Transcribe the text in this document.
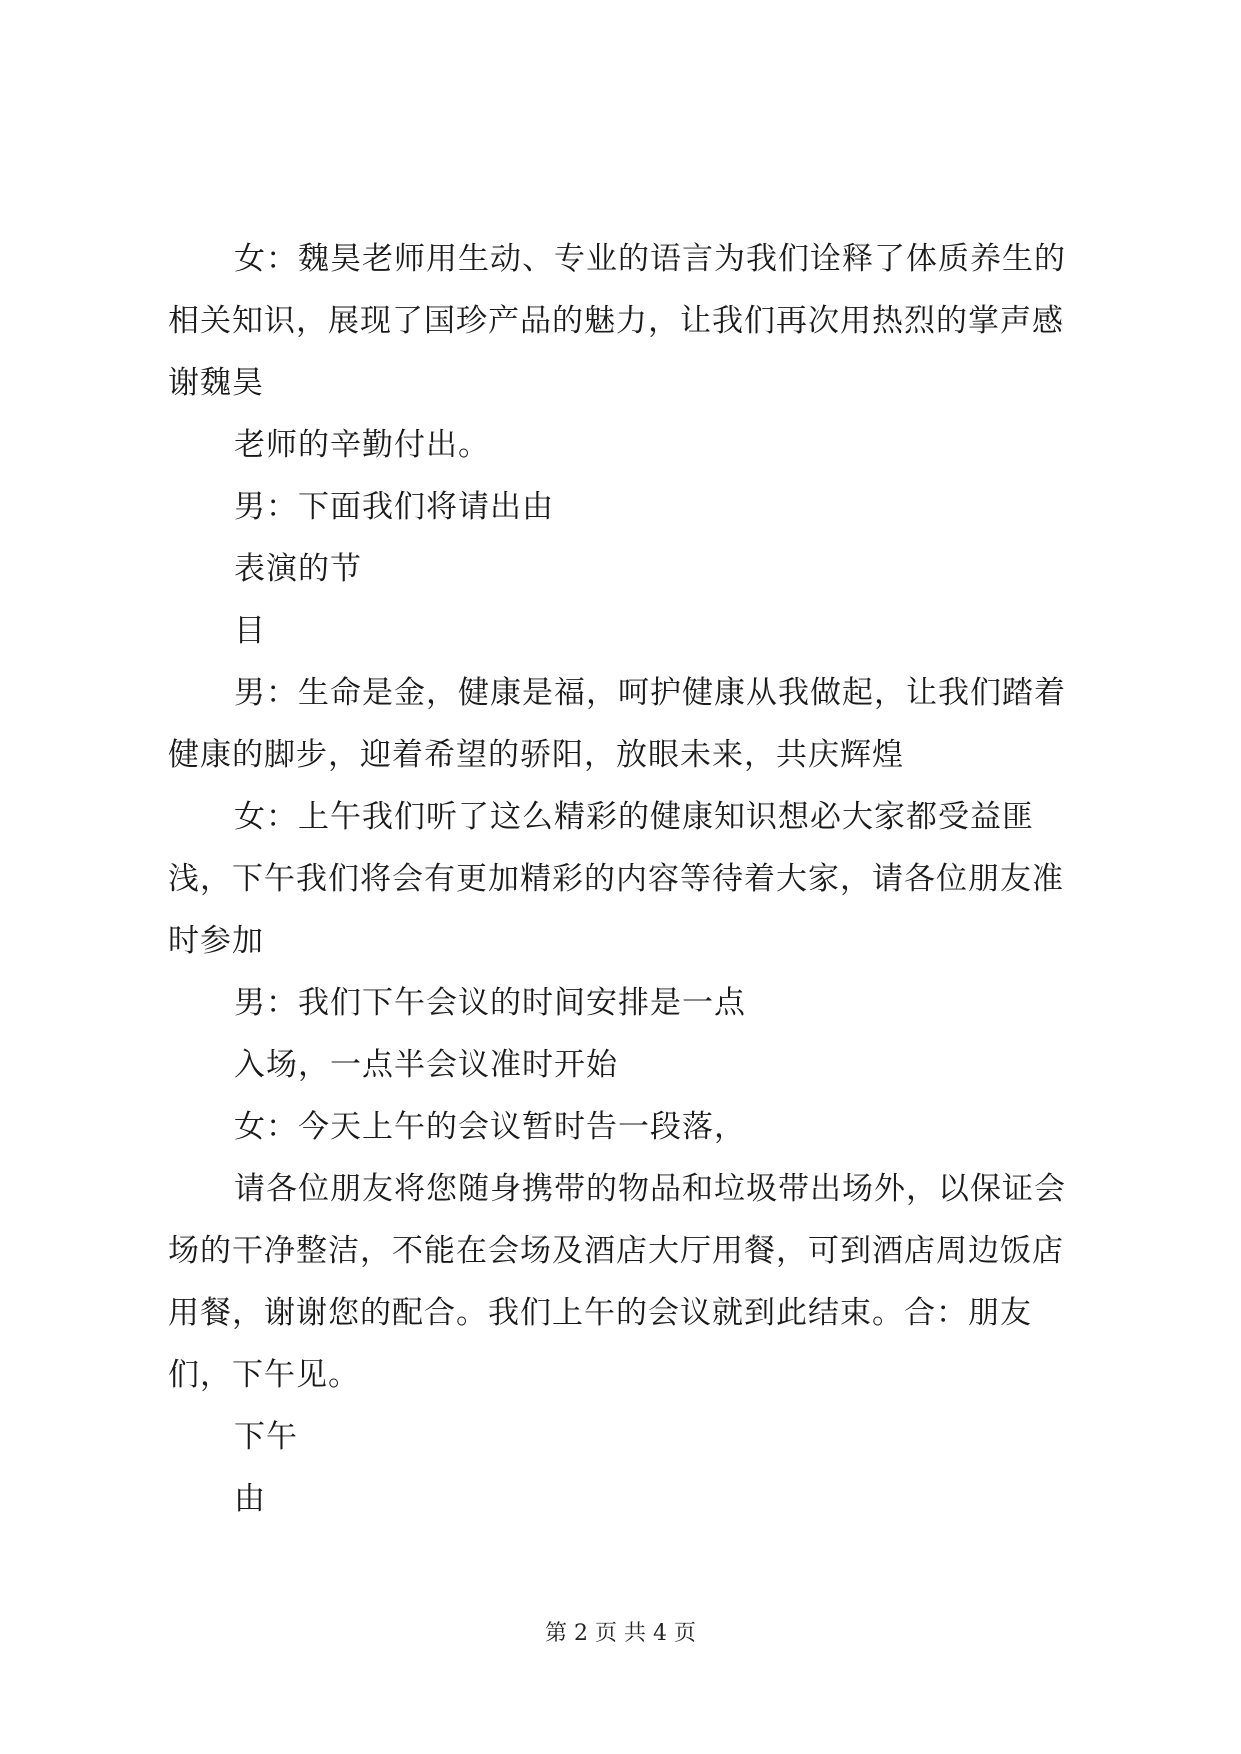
女：魏昊老师用生动、专业的语言为我们诠释了体质养生的相关知识，展现了国珍产品的魅力，让我们再次用热烈的掌声感谢魏昊

老师的辛勤付出。

男：下面我们将请出由

表演的节

目

男：生命是金，健康是福，呵护健康从我做起，让我们踏着健康的脚步，迎着希望的骄阳，放眼未来，共庆辉煌

女：上午我们听了这么精彩的健康知识想必大家都受益匪浅，下午我们将会有更加精彩的内容等待着大家，请各位朋友准时参加

男：我们下午会议的时间安排是一点

入场，一点半会议准时开始

女：今天上午的会议暂时告一段落，

请各位朋友将您随身携带的物品和垃圾带出场外，以保证会场的干净整洁，不能在会场及酒店大厅用餐，可到酒店周边饭店用餐，谢谢您的配合。我们上午的会议就到此结束。合：朋友们，下午见。

下午

由

第 2 页 共 4 页
